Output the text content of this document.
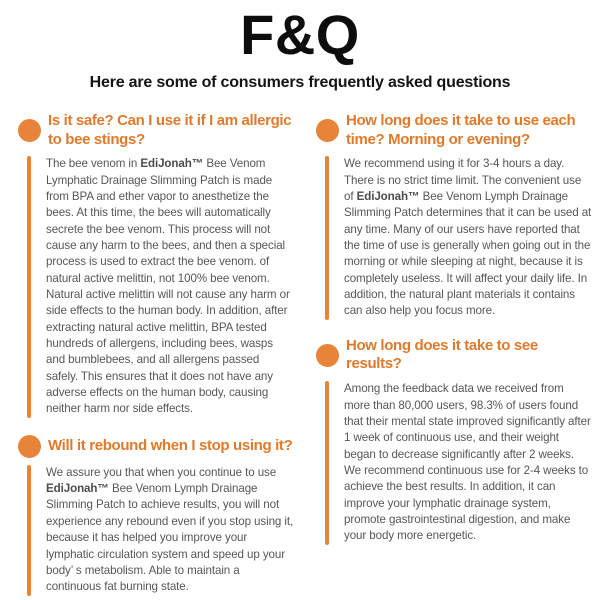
F&Q

Here are some of consumers frequently asked questions

Is it safe? Can I use it if I am allergic to bee stings?

The bee venom in EdiJonah™ Bee Venom Lymphatic Drainage Slimming Patch is made from BPA and ether vapor to anesthetize the bees. At this time, the bees will automatically secrete the bee venom. This process will not cause any harm to the bees, and then a special process is used to extract the bee venom. of natural active melittin, not 100% bee venom. Natural active melittin will not cause any harm or side effects to the human body. In addition, after extracting natural active melittin, BPA tested hundreds of allergens, including bees, wasps and bumblebees, and all allergens passed safely. This ensures that it does not have any adverse effects on the human body, causing neither harm nor side effects.

Will it rebound when I stop using it?

We assure you that when you continue to use EdiJonah™ Bee Venom Lymph Drainage Slimming Patch to achieve results, you will not experience any rebound even if you stop using it, because it has helped you improve your lymphatic circulation system and speed up your body’ s metabolism. Able to maintain a continuous fat burning state.

How long does it take to use each time? Morning or evening?

We recommend using it for 3-4 hours a day. There is no strict time limit. The convenient use of EdiJonah™ Bee Venom Lymph Drainage Slimming Patch determines that it can be used at any time. Many of our users have reported that the time of use is generally when going out in the morning or while sleeping at night, because it is completely useless. It will affect your daily life. In addition, the natural plant materials it contains can also help you focus more.

How long does it take to see results?

Among the feedback data we received from more than 80,000 users, 98.3% of users found that their mental state improved significantly after 1 week of continuous use, and their weight began to decrease significantly after 2 weeks. We recommend continuous use for 2-4 weeks to achieve the best results. In addition, it can improve your lymphatic drainage system, promote gastrointestinal digestion, and make your body more energetic.
